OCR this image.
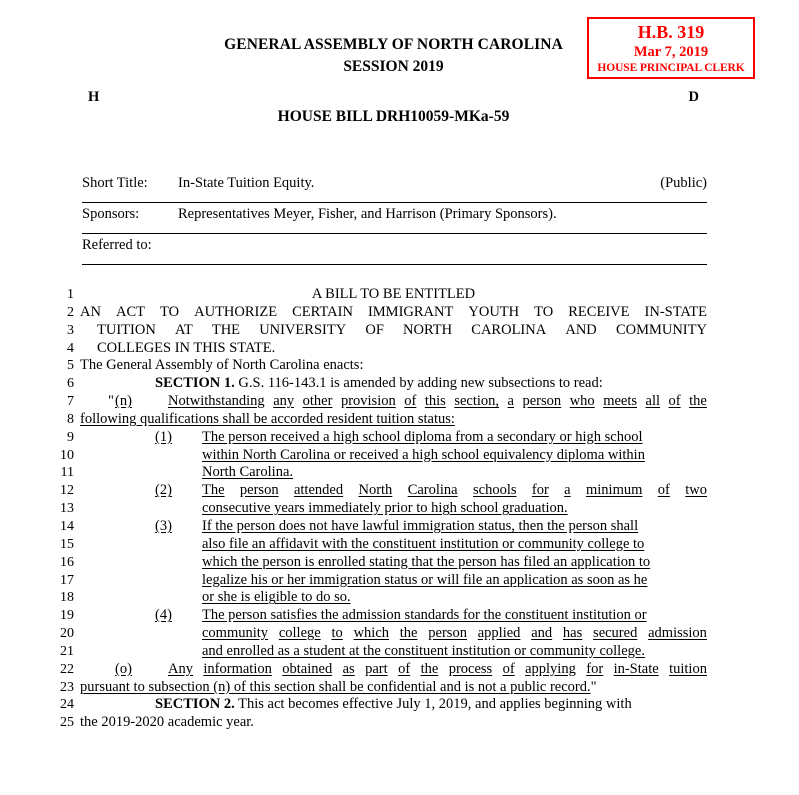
H.B. 319
Mar 7, 2019
HOUSE PRINCIPAL CLERK
GENERAL ASSEMBLY OF NORTH CAROLINA
SESSION 2019
H	D
HOUSE BILL DRH10059-MKa-59
Short Title:	In-State Tuition Equity.	(Public)
Sponsors:	Representatives Meyer, Fisher, and Harrison (Primary Sponsors).	
Referred to:		
1	A BILL TO BE ENTITLED
2 AN ACT TO AUTHORIZE CERTAIN IMMIGRANT YOUTH TO RECEIVE IN-STATE
3 TUITION AT THE UNIVERSITY OF NORTH CAROLINA AND COMMUNITY
4 COLLEGES IN THIS STATE.
5 The General Assembly of North Carolina enacts:
6	SECTION 1. G.S. 116-143.1 is amended by adding new subsections to read:
7 " (n) Notwithstanding any other provision of this section, a person who meets all of the
8 following qualifications shall be accorded resident tuition status:
9	(1) The person received a high school diploma from a secondary or high school
10	within North Carolina or received a high school equivalency diploma within
11	North Carolina.
12	(2) The person attended North Carolina schools for a minimum of two
13	consecutive years immediately prior to high school graduation.
14	(3) If the person does not have lawful immigration status, then the person shall
15	also file an affidavit with the constituent institution or community college to
16	which the person is enrolled stating that the person has filed an application to
17	legalize his or her immigration status or will file an application as soon as he
18	or she is eligible to do so.
19	(4) The person satisfies the admission standards for the constituent institution or
20	community college to which the person applied and has secured admission
21	and enrolled as a student at the constituent institution or community college.
22	(o) Any information obtained as part of the process of applying for in-State tuition
23 pursuant to subsection (n) of this section shall be confidential and is not a public record."
24	SECTION 2. This act becomes effective July 1, 2019, and applies beginning with
25 the 2019-2020 academic year.
